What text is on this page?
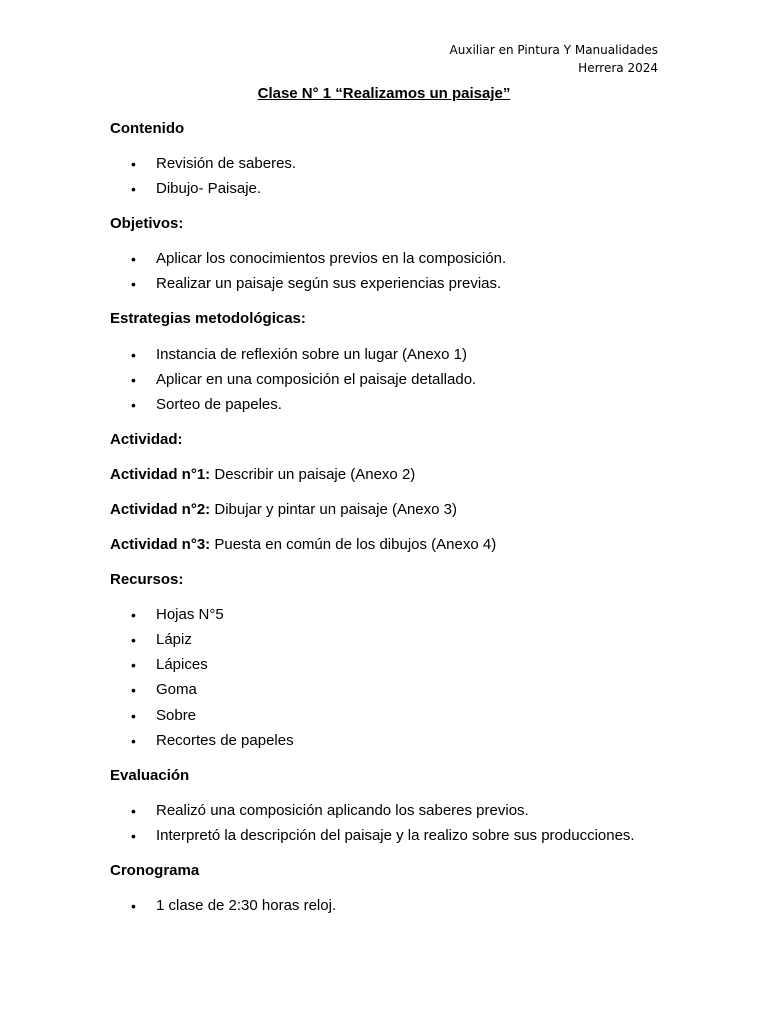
Auxiliar en Pintura Y Manualidades
Herrera 2024
Clase N° 1 “Realizamos un paisaje”
Contenido
• Revisión de saberes.
• Dibujo- Paisaje.
Objetivos:
• Aplicar los conocimientos previos en la composición.
• Realizar un paisaje según sus experiencias previas.
Estrategias metodológicas:
• Instancia de reflexión sobre un lugar (Anexo 1)
• Aplicar en una composición el paisaje detallado.
• Sorteo de papeles.
Actividad:
Actividad n°1: Describir un paisaje (Anexo 2)
Actividad n°2: Dibujar y pintar un paisaje (Anexo 3)
Actividad n°3: Puesta en común de los dibujos (Anexo 4)
Recursos:
• Hojas N°5
• Lápiz
• Lápices
• Goma
• Sobre
• Recortes de papeles
Evaluación
• Realizó una composición aplicando los saberes previos.
• Interpretó la descripción del paisaje y la realizo sobre sus producciones.
Cronograma
• 1 clase de 2:30 horas reloj.
